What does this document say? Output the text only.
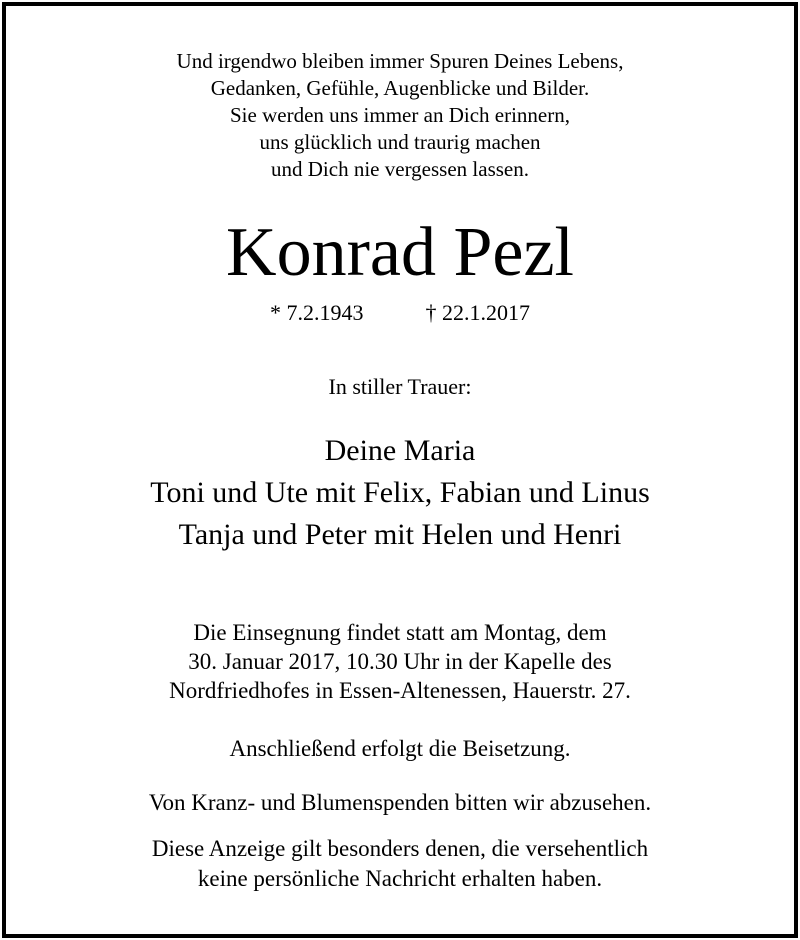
Und irgendwo bleiben immer Spuren Deines Lebens,
Gedanken, Gefühle, Augenblicke und Bilder.
Sie werden uns immer an Dich erinnern,
uns glücklich und traurig machen
und Dich nie vergessen lassen.
Konrad Pezl
* 7.2.1943	† 22.1.2017
In stiller Trauer:
Deine Maria
Toni und Ute mit Felix, Fabian und Linus
Tanja und Peter mit Helen und Henri
Die Einsegnung findet statt am Montag, dem
30. Januar 2017, 10.30 Uhr in der Kapelle des
Nordfriedhofes in Essen-Altenessen, Hauerstr. 27.
Anschließend erfolgt die Beisetzung.
Von Kranz- und Blumenspenden bitten wir abzusehen.
Diese Anzeige gilt besonders denen, die versehentlich
keine persönliche Nachricht erhalten haben.
